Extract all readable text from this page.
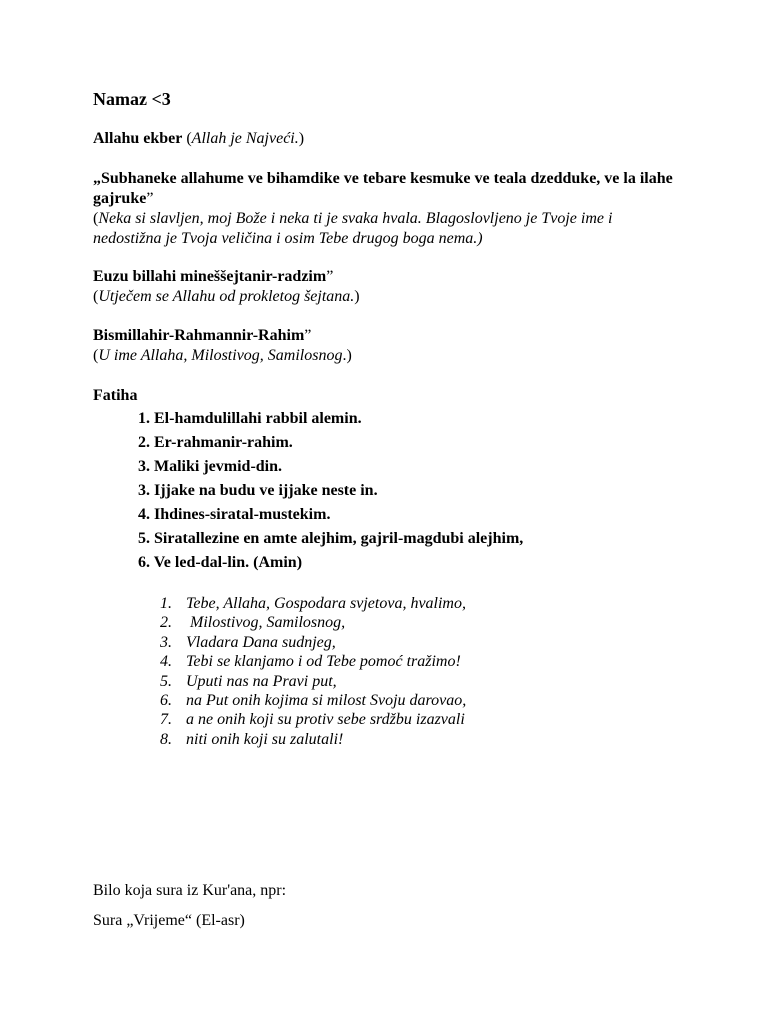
Namaz <3
Allahu ekber (Allah je Najveći.)
„Subhaneke allahume ve bihamdike ve tebare kesmuke ve teala dzedduke, ve la ilahe gajruke”
(Neka si slavljen, moj Bože i neka ti je svaka hvala. Blagoslovljeno je Tvoje ime i nedostižna je Tvoja veličina i osim Tebe drugog boga nema.)
Euzu billahi mineššejtanir-radzim”
(Utječem se Allahu od prokletog šejtana.)
Bismillahir-Rahmannir-Rahim”
(U ime Allaha, Milostivog, Samilosnog.)
Fatiha
1. El-hamdulillahi rabbil alemin.
2. Er-rahmanir-rahim.
3. Maliki jevmid-din.
3. Ijjake na budu ve ijjake neste in.
4. Ihdines-siratal-mustekim.
5. Siratallezine en amte alejhim, gajril-magdubi alejhim,
6. Ve led-dal-lin. (Amin)
1. Tebe, Allaha, Gospodara svjetova, hvalimo,
2. Milostivog, Samilosnog,
3. Vladara Dana sudnjeg,
4. Tebi se klanjamo i od Tebe pomoć tražimo!
5. Uputi nas na Pravi put,
6. na Put onih kojima si milost Svoju darovao,
7. a ne onih koji su protiv sebe srdžbu izazvali
8. niti onih koji su zalutali!
Bilo koja sura iz Kur'ana, npr:
Sura „Vrijeme“ (El-asr)
